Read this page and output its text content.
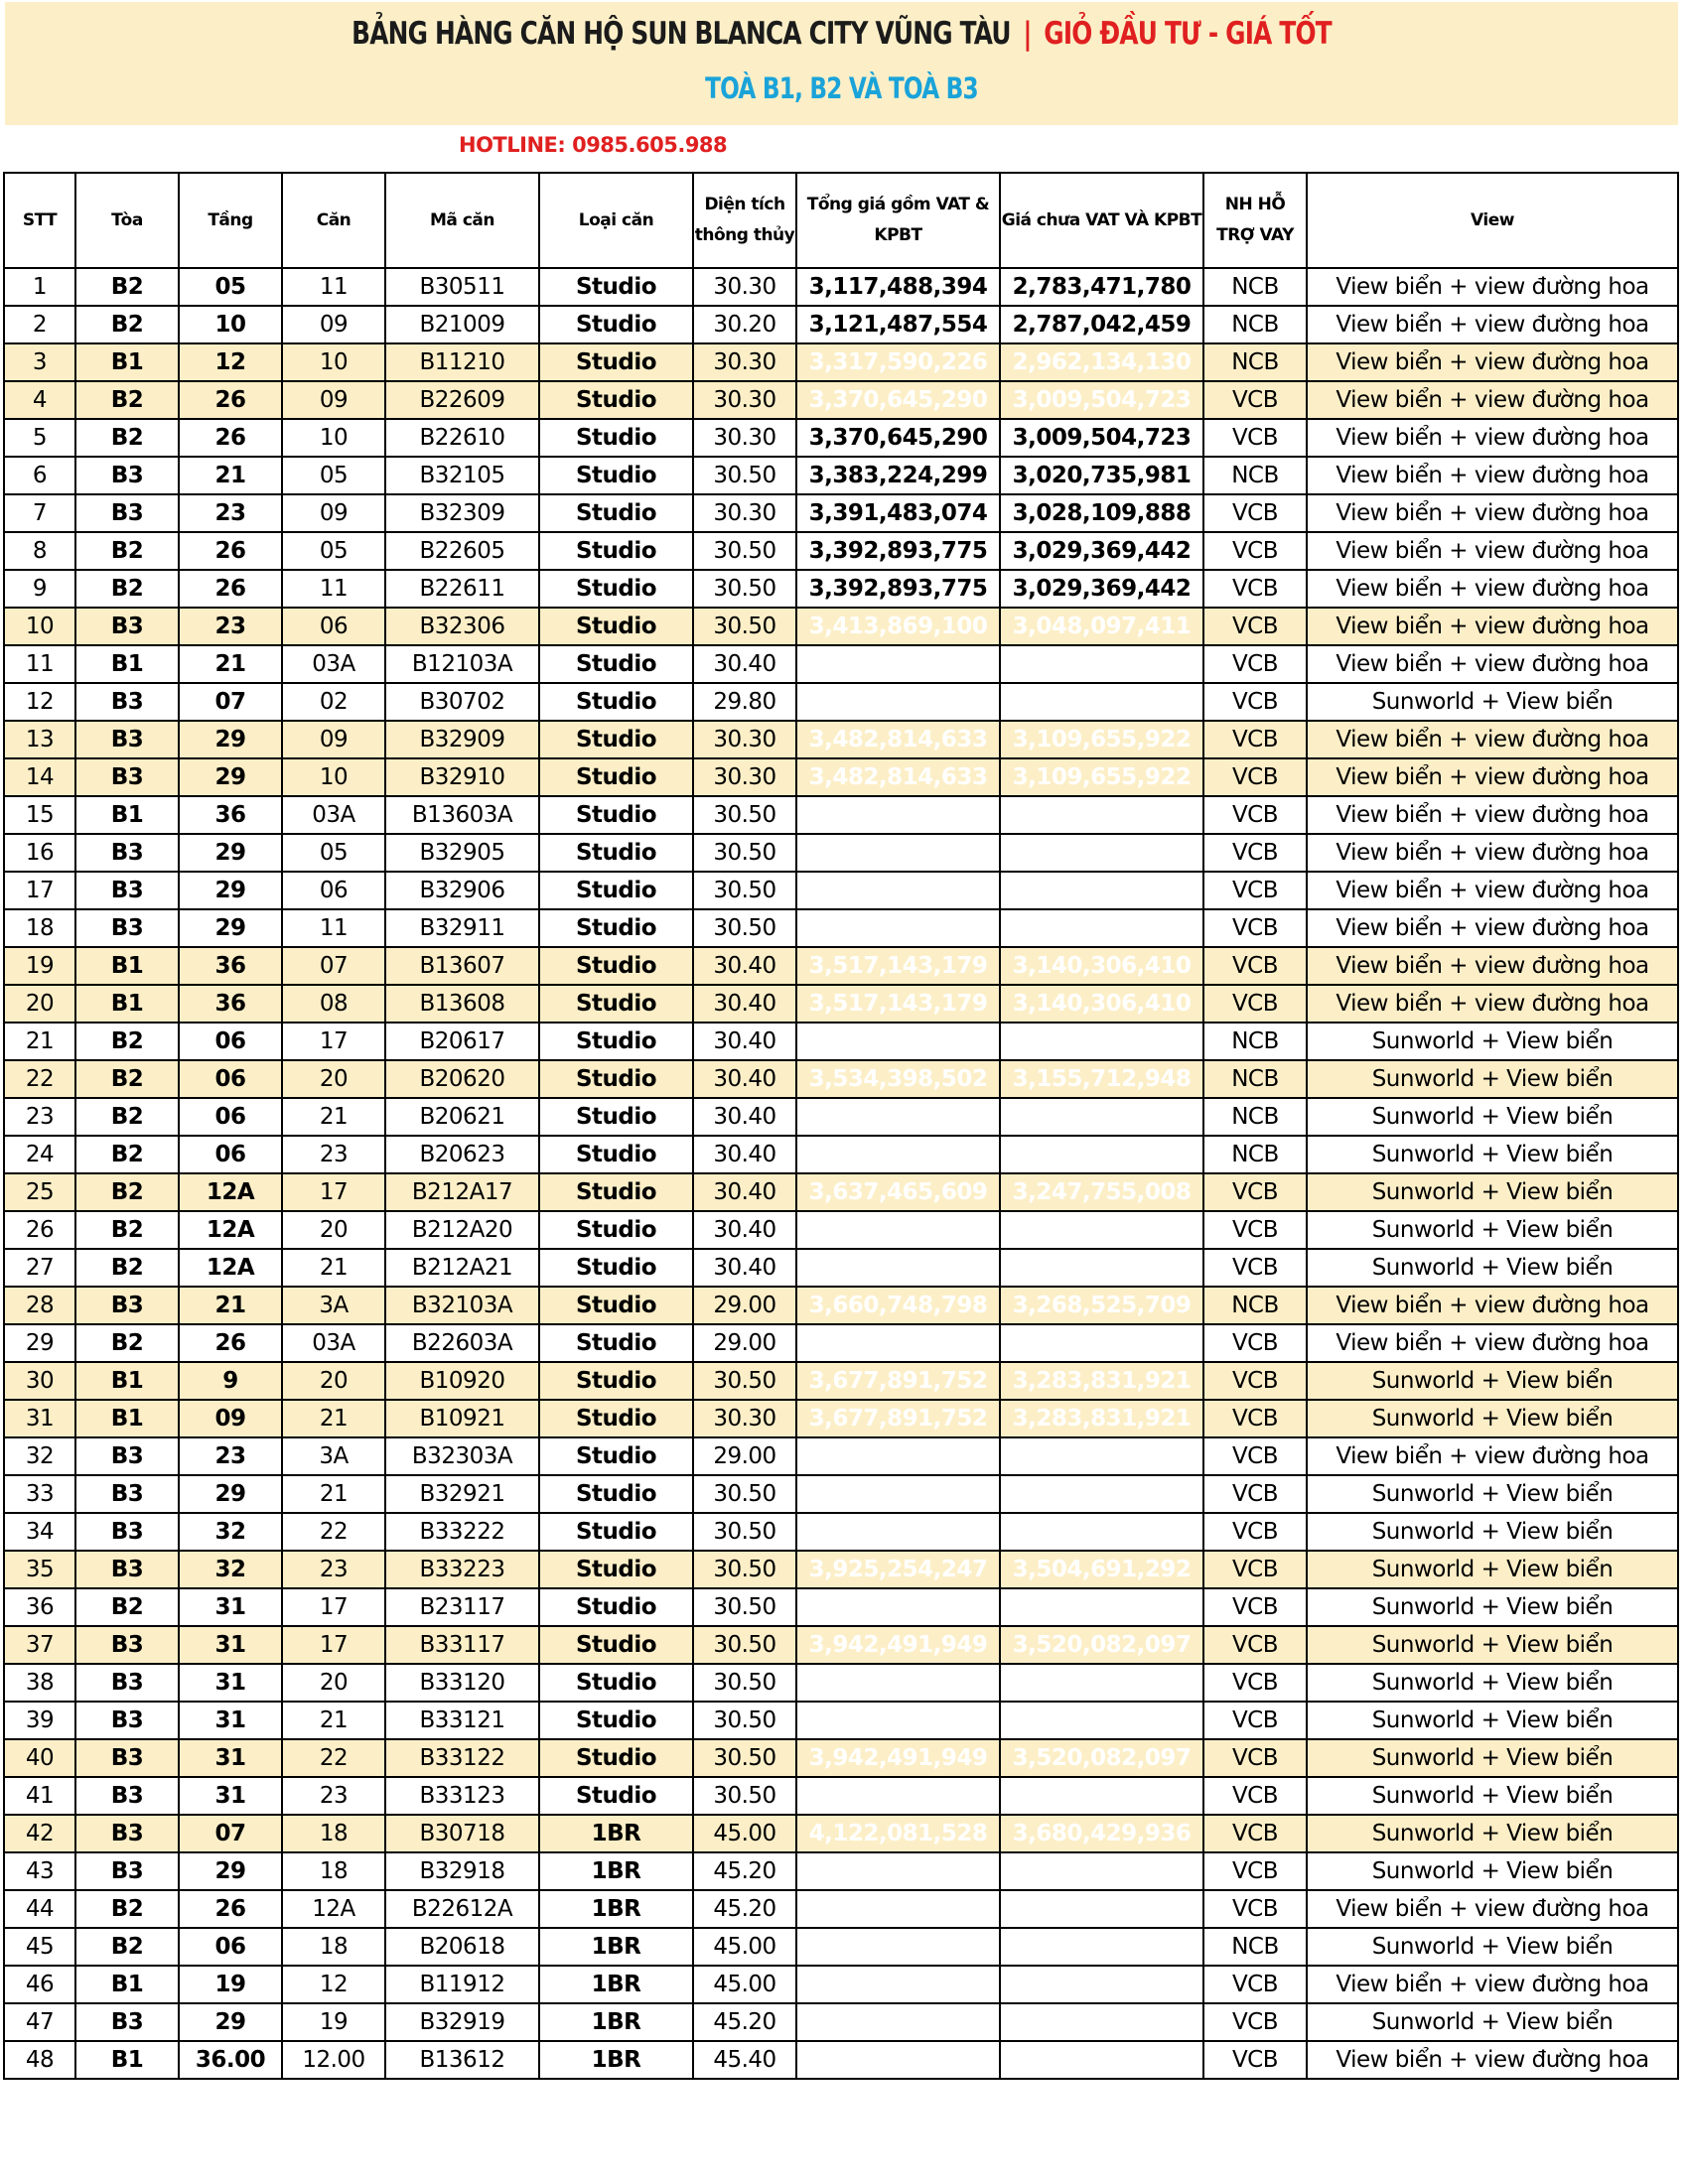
BẢNG HÀNG CĂN HỘ SUN BLANCA CITY VŨNG TÀU | GIỎ ĐẦU TƯ - GIÁ TỐT
TOÀ B1, B2 VÀ TOÀ B3
HOTLINE: 0985.605.988
STT	Tòa	Tầng	Căn	Mã căn	Loại căn	Diện tích thông thủy	Tổng giá gồm VAT & KPBT	Giá chưa VAT VÀ KPBT	NH HỖ TRỢ VAY	View
1	B2	05	11	B30511	Studio	30.30	3,117,488,394	2,783,471,780	NCB	View biển + view đường hoa
2	B2	10	09	B21009	Studio	30.20	3,121,487,554	2,787,042,459	NCB	View biển + view đường hoa
3	B1	12	10	B11210	Studio	30.30	3,317,590,226	2,962,134,130	NCB	View biển + view đường hoa
4	B2	26	09	B22609	Studio	30.30	3,370,645,290	3,009,504,723	VCB	View biển + view đường hoa
5	B2	26	10	B22610	Studio	30.30	3,370,645,290	3,009,504,723	VCB	View biển + view đường hoa
6	B3	21	05	B32105	Studio	30.50	3,383,224,299	3,020,735,981	NCB	View biển + view đường hoa
7	B3	23	09	B32309	Studio	30.30	3,391,483,074	3,028,109,888	VCB	View biển + view đường hoa
8	B2	26	05	B22605	Studio	30.50	3,392,893,775	3,029,369,442	VCB	View biển + view đường hoa
9	B2	26	11	B22611	Studio	30.50	3,392,893,775	3,029,369,442	VCB	View biển + view đường hoa
10	B3	23	06	B32306	Studio	30.50	3,413,869,100	3,048,097,411	VCB	View biển + view đường hoa
11	B1	21	03A	B12103A	Studio	30.40			VCB	View biển + view đường hoa
12	B3	07	02	B30702	Studio	29.80			VCB	Sunworld + View biển
13	B3	29	09	B32909	Studio	30.30	3,482,814,633	3,109,655,922	VCB	View biển + view đường hoa
14	B3	29	10	B32910	Studio	30.30	3,482,814,633	3,109,655,922	VCB	View biển + view đường hoa
15	B1	36	03A	B13603A	Studio	30.50			VCB	View biển + view đường hoa
16	B3	29	05	B32905	Studio	30.50			VCB	View biển + view đường hoa
17	B3	29	06	B32906	Studio	30.50			VCB	View biển + view đường hoa
18	B3	29	11	B32911	Studio	30.50			VCB	View biển + view đường hoa
19	B1	36	07	B13607	Studio	30.40	3,517,143,179	3,140,306,410	VCB	View biển + view đường hoa
20	B1	36	08	B13608	Studio	30.40	3,517,143,179	3,140,306,410	VCB	View biển + view đường hoa
21	B2	06	17	B20617	Studio	30.40			NCB	Sunworld + View biển
22	B2	06	20	B20620	Studio	30.40	3,534,398,502	3,155,712,948	NCB	Sunworld + View biển
23	B2	06	21	B20621	Studio	30.40			NCB	Sunworld + View biển
24	B2	06	23	B20623	Studio	30.40			NCB	Sunworld + View biển
25	B2	12A	17	B212A17	Studio	30.40	3,637,465,609	3,247,755,008	VCB	Sunworld + View biển
26	B2	12A	20	B212A20	Studio	30.40			VCB	Sunworld + View biển
27	B2	12A	21	B212A21	Studio	30.40			VCB	Sunworld + View biển
28	B3	21	3A	B32103A	Studio	29.00	3,660,748,798	3,268,525,709	NCB	View biển + view đường hoa
29	B2	26	03A	B22603A	Studio	29.00			VCB	View biển + view đường hoa
30	B1	9	20	B10920	Studio	30.50	3,677,891,752	3,283,831,921	VCB	Sunworld + View biển
31	B1	09	21	B10921	Studio	30.30	3,677,891,752	3,283,831,921	VCB	Sunworld + View biển
32	B3	23	3A	B32303A	Studio	29.00			VCB	View biển + view đường hoa
33	B3	29	21	B32921	Studio	30.50			VCB	Sunworld + View biển
34	B3	32	22	B33222	Studio	30.50			VCB	Sunworld + View biển
35	B3	32	23	B33223	Studio	30.50	3,925,254,247	3,504,691,292	VCB	Sunworld + View biển
36	B2	31	17	B23117	Studio	30.50			VCB	Sunworld + View biển
37	B3	31	17	B33117	Studio	30.50	3,942,491,949	3,520,082,097	VCB	Sunworld + View biển
38	B3	31	20	B33120	Studio	30.50			VCB	Sunworld + View biển
39	B3	31	21	B33121	Studio	30.50			VCB	Sunworld + View biển
40	B3	31	22	B33122	Studio	30.50	3,942,491,949	3,520,082,097	VCB	Sunworld + View biển
41	B3	31	23	B33123	Studio	30.50			VCB	Sunworld + View biển
42	B3	07	18	B30718	1BR	45.00	4,122,081,528	3,680,429,936	VCB	Sunworld + View biển
43	B3	29	18	B32918	1BR	45.20			VCB	Sunworld + View biển
44	B2	26	12A	B22612A	1BR	45.20			VCB	View biển + view đường hoa
45	B2	06	18	B20618	1BR	45.00			NCB	Sunworld + View biển
46	B1	19	12	B11912	1BR	45.00			VCB	View biển + view đường hoa
47	B3	29	19	B32919	1BR	45.20			VCB	Sunworld + View biển
48	B1	36.00	12.00	B13612	1BR	45.40			VCB	View biển + view đường hoa
